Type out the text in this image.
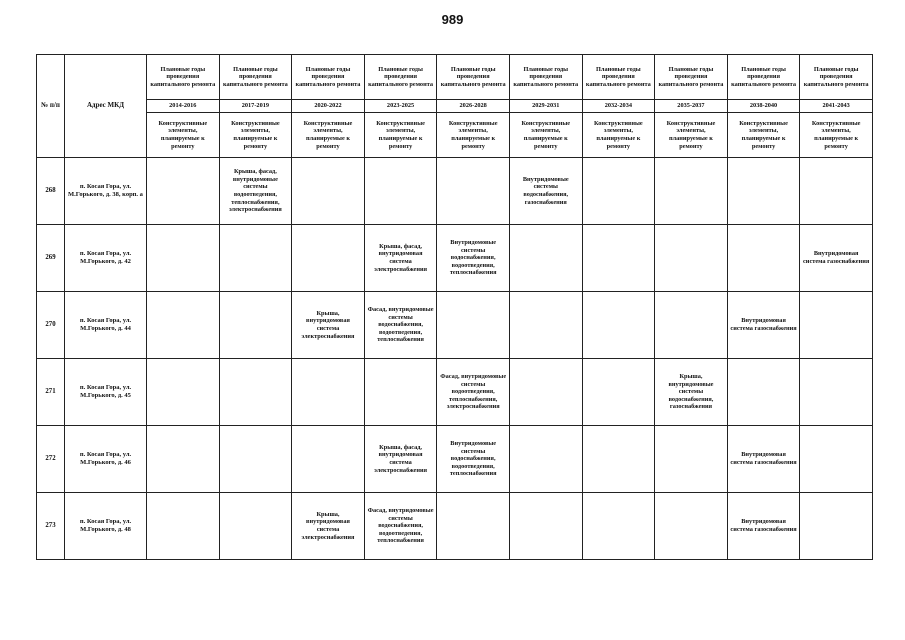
989
№ п/п	Адрес МКД	Плановые годы проведения капитального ремонта	Плановые годы проведения капитального ремонта	Плановые годы проведения капитального ремонта	Плановые годы проведения капитального ремонта	Плановые годы проведения капитального ремонта	Плановые годы проведения капитального ремонта	Плановые годы проведения капитального ремонта	Плановые годы проведения капитального ремонта	Плановые годы проведения капитального ремонта	Плановые годы проведения капитального ремонта
		2014-2016	2017-2019	2020-2022	2023-2025	2026-2028	2029-2031	2032-2034	2035-2037	2038-2040	2041-2043
		Конструктивные элементы, планируемые к ремонту	Конструктивные элементы, планируемые к ремонту	Конструктивные элементы, планируемые к ремонту	Конструктивные элементы, планируемые к ремонту	Конструктивные элементы, планируемые к ремонту	Конструктивные элементы, планируемые к ремонту	Конструктивные элементы, планируемые к ремонту	Конструктивные элементы, планируемые к ремонту	Конструктивные элементы, планируемые к ремонту	Конструктивные элементы, планируемые к ремонту
268	п. Косая Гора, ул. М.Горького, д. 38, корп. а		Крыша, фасад, внутридомовые системы водоотведения, теплоснабжения, электроснабжения				Внутридомовые системы водоснабжения, газоснабжения				
269	п. Косая Гора, ул. М.Горького, д. 42				Крыша, фасад, внутридомовая система электроснабжения	Внутридомовые системы водоснабжения, водоотведения, теплоснабжения					Внутридомовая система газоснабжения
270	п. Косая Гора, ул. М.Горького, д. 44			Крыша, внутридомовая система электроснабжения	Фасад, внутридомовые системы водоснабжения, водоотведения, теплоснабжения					Внутридомовая система газоснабжения	
271	п. Косая Гора, ул. М.Горького, д. 45					Фасад, внутридомовые системы водоотведения, теплоснабжения, электроснабжения			Крыша, внутридомовые системы водоснабжения, газоснабжения		
272	п. Косая Гора, ул. М.Горького, д. 46				Крыша, фасад, внутридомовая система электроснабжения	Внутридомовые системы водоснабжения, водоотведения, теплоснабжения				Внутридомовая система газоснабжения	
273	п. Косая Гора, ул. М.Горького, д. 48			Крыша, внутридомовая система электроснабжения	Фасад, внутридомовые системы водоснабжения, водоотведения, теплоснабжения					Внутридомовая система газоснабжения	
